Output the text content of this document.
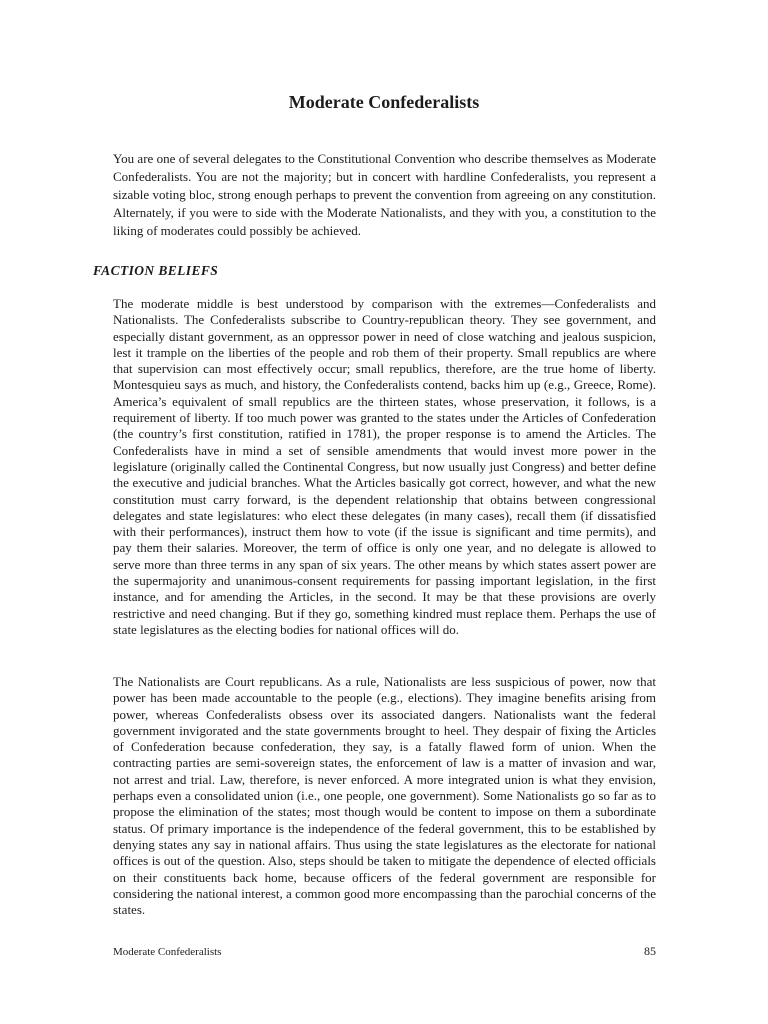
Moderate Confederalists

You are one of several delegates to the Constitutional Convention who describe themselves as Moderate Confederalists. You are not the majority; but in concert with hardline Confederalists, you represent a sizable voting bloc, strong enough perhaps to prevent the convention from agreeing on any constitution. Alternately, if you were to side with the Moderate Nationalists, and they with you, a constitution to the liking of moderates could possibly be achieved.

FACTION BELIEFS

The moderate middle is best understood by comparison with the extremes—Confederalists and Nationalists. The Confederalists subscribe to Country-republican theory. They see government, and especially distant government, as an oppressor power in need of close watching and jealous suspicion, lest it trample on the liberties of the people and rob them of their property. Small republics are where that supervision can most effectively occur; small republics, therefore, are the true home of liberty. Montesquieu says as much, and history, the Confederalists contend, backs him up (e.g., Greece, Rome). America’s equivalent of small republics are the thirteen states, whose preservation, it follows, is a requirement of liberty. If too much power was granted to the states under the Articles of Confederation (the country’s first constitution, ratified in 1781), the proper response is to amend the Articles. The Confederalists have in mind a set of sensible amendments that would invest more power in the legislature (originally called the Continental Congress, but now usually just Congress) and better define the executive and judicial branches. What the Articles basically got correct, however, and what the new constitution must carry forward, is the dependent relationship that obtains between congressional delegates and state legislatures: who elect these delegates (in many cases), recall them (if dissatisfied with their performances), instruct them how to vote (if the issue is significant and time permits), and pay them their salaries. Moreover, the term of office is only one year, and no delegate is allowed to serve more than three terms in any span of six years. The other means by which states assert power are the supermajority and unanimous-consent requirements for passing important legislation, in the first instance, and for amending the Articles, in the second. It may be that these provisions are overly restrictive and need changing. But if they go, something kindred must replace them. Perhaps the use of state legislatures as the electing bodies for national offices will do.

The Nationalists are Court republicans. As a rule, Nationalists are less suspicious of power, now that power has been made accountable to the people (e.g., elections). They imagine benefits arising from power, whereas Confederalists obsess over its associated dangers. Nationalists want the federal government invigorated and the state governments brought to heel. They despair of fixing the Articles of Confederation because confederation, they say, is a fatally flawed form of union. When the contracting parties are semi-sovereign states, the enforcement of law is a matter of invasion and war, not arrest and trial. Law, therefore, is never enforced. A more integrated union is what they envision, perhaps even a consolidated union (i.e., one people, one government). Some Nationalists go so far as to propose the elimination of the states; most though would be content to impose on them a subordinate status. Of primary importance is the independence of the federal government, this to be established by denying states any say in national affairs. Thus using the state legislatures as the electorate for national offices is out of the question. Also, steps should be taken to mitigate the dependence of elected officials on their constituents back home, because officers of the federal government are responsible for considering the national interest, a common good more encompassing than the parochial concerns of the states.

Moderate Confederalists	85
